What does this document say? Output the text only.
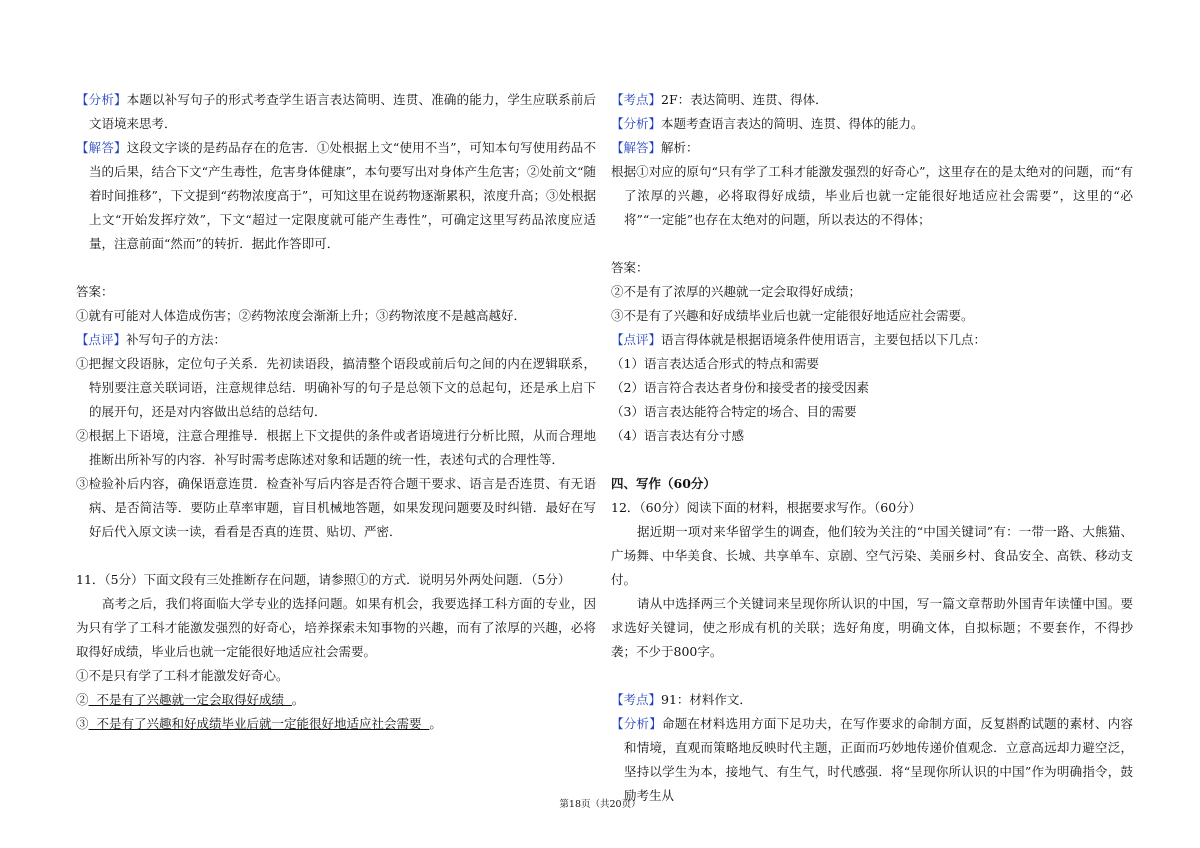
【分析】本题以补写句子的形式考查学生语言表达简明、连贯、准确的能力，学生应联系前后文语境来思考．

【解答】这段文字谈的是药品存在的危害．①处根据上文“使用不当”，可知本句写使用药品不当的后果，结合下文“产生毒性，危害身体健康”，本句要写出对身体产生危害；②处前文“随着时间推移”，下文提到“药物浓度高于”，可知这里在说药物逐渐累积，浓度升高；③处根据上文“开始发挥疗效”，下文“超过一定限度就可能产生毒性”，可确定这里写药品浓度应适量，注意前面“然而”的转折．据此作答即可．

答案：

①就有可能对人体造成伤害；②药物浓度会渐渐上升；③药物浓度不是越高越好．

【点评】补写句子的方法：

①把握文段语脉，定位句子关系．先初读语段，搞清整个语段或前后句之间的内在逻辑联系，特别要注意关联词语，注意规律总结．明确补写的句子是总领下文的总起句，还是承上启下的展开句，还是对内容做出总结的总结句．

②根据上下语境，注意合理推导．根据上下文提供的条件或者语境进行分析比照，从而合理地推断出所补写的内容．补写时需考虑陈述对象和话题的统一性，表述句式的合理性等．

③检验补后内容，确保语意连贯．检查补写后内容是否符合题干要求、语言是否连贯、有无语病、是否简洁等．要防止草率审题，盲目机械地答题，如果发现问题要及时纠错．最好在写好后代入原文读一读，看看是否真的连贯、贴切、严密．

11．（5分）下面文段有三处推断存在问题，请参照①的方式．说明另外两处问题．（5分）

高考之后，我们将面临大学专业的选择问题。如果有机会，我要选择工科方面的专业，因为只有学了工科才能激发强烈的好奇心，培养探索未知事物的兴趣，而有了浓厚的兴趣，必将取得好成绩，毕业后也就一定能很好地适应社会需要。

①不是只有学了工科才能激发好奇心。

②  不是有了兴趣就一定会取得好成绩  。

③  不是有了兴趣和好成绩毕业后就一定能很好地适应社会需要  。

【考点】2F：表达简明、连贯、得体．

【分析】本题考查语言表达的简明、连贯、得体的能力。

【解答】解析：

根据①对应的原句“只有学了工科才能激发强烈的好奇心”，这里存在的是太绝对的问题，而“有了浓厚的兴趣，必将取得好成绩，毕业后也就一定能很好地适应社会需要”，这里的“必将”“一定能”也存在太绝对的问题，所以表达的不得体；

答案：

②不是有了浓厚的兴趣就一定会取得好成绩；

③不是有了兴趣和好成绩毕业后也就一定能很好地适应社会需要。

【点评】语言得体就是根据语境条件使用语言，主要包括以下几点：

（1）语言表达适合形式的特点和需要

（2）语言符合表达者身份和接受者的接受因素

（3）语言表达能符合特定的场合、目的需要

（4）语言表达有分寸感

四、写作（60分）

12．（60分）阅读下面的材料，根据要求写作。（60分）

据近期一项对来华留学生的调查，他们较为关注的“中国关键词”有：一带一路、大熊猫、广场舞、中华美食、长城、共享单车、京剧、空气污染、美丽乡村、食品安全、高铁、移动支付。

请从中选择两三个关键词来呈现你所认识的中国，写一篇文章帮助外国青年读懂中国。要求选好关键词，使之形成有机的关联；选好角度，明确文体，自拟标题；不要套作，不得抄袭；不少于800字。

【考点】91：材料作文．

【分析】命题在材料选用方面下足功夫，在写作要求的命制方面，反复斟酌试题的素材、内容和情境，直观而策略地反映时代主题，正面而巧妙地传递价值观念．立意高远却力避空泛，坚持以学生为本，接地气、有生气，时代感强．将“呈现你所认识的中国”作为明确指令，鼓励考生从

第18页（共20页）
